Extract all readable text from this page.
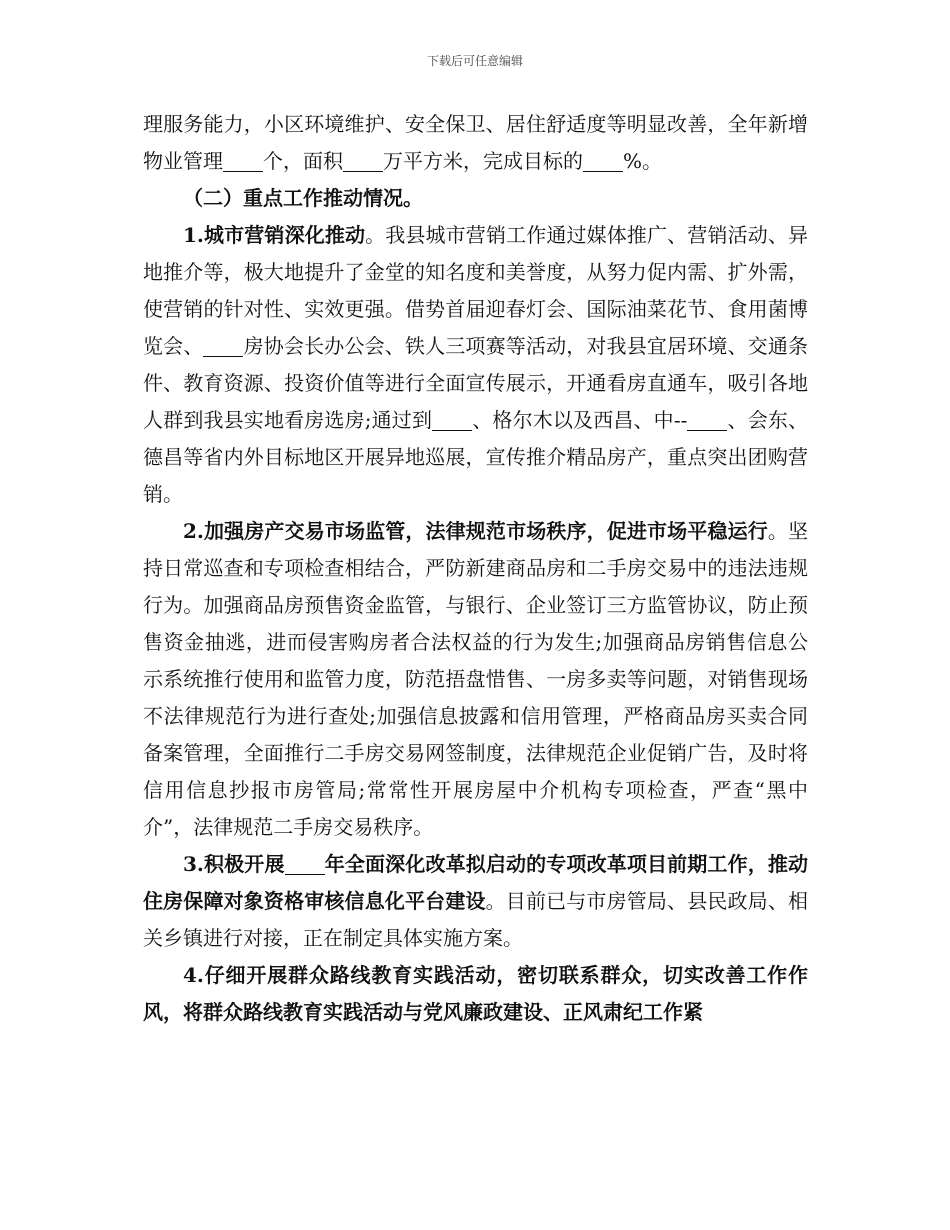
下载后可任意编辑

理服务能力，小区环境维护、安全保卫、居住舒适度等明显改善，全年新增物业管理 个，面积 万平方米，完成目标的 %。

（二）重点工作推动情况。

1.城市营销深化推动。我县城市营销工作通过媒体推广、营销活动、异地推介等，极大地提升了金堂的知名度和美誉度，从努力促内需、扩外需，使营销的针对性、实效更强。借势首届迎春灯会、国际油菜花节、食用菌博览会、 房协会长办公会、铁人三项赛等活动，对我县宜居环境、交通条件、教育资源、投资价值等进行全面宣传展示，开通看房直通车，吸引各地人群到我县实地看房选房;通过到 、格尔木以及西昌、中-- 、会东、德昌等省内外目标地区开展异地巡展，宣传推介精品房产，重点突出团购营销。

2.加强房产交易市场监管，法律规范市场秩序，促进市场平稳运行。坚持日常巡查和专项检查相结合，严防新建商品房和二手房交易中的违法违规行为。加强商品房预售资金监管，与银行、企业签订三方监管协议，防止预售资金抽逃，进而侵害购房者合法权益的行为发生;加强商品房销售信息公示系统推行使用和监管力度，防范捂盘惜售、一房多卖等问题，对销售现场不法律规范行为进行查处;加强信息披露和信用管理，严格商品房买卖合同备案管理，全面推行二手房交易网签制度，法律规范企业促销广告，及时将信用信息抄报市房管局;常常性开展房屋中介机构专项检查，严查“黑中介”，法律规范二手房交易秩序。

3.积极开展 年全面深化改革拟启动的专项改革项目前期工作，推动住房保障对象资格审核信息化平台建设。目前已与市房管局、县民政局、相关乡镇进行对接，正在制定具体实施方案。

4.仔细开展群众路线教育实践活动，密切联系群众，切实改善工作作风，将群众路线教育实践活动与党风廉政建设、正风肃纪工作紧
